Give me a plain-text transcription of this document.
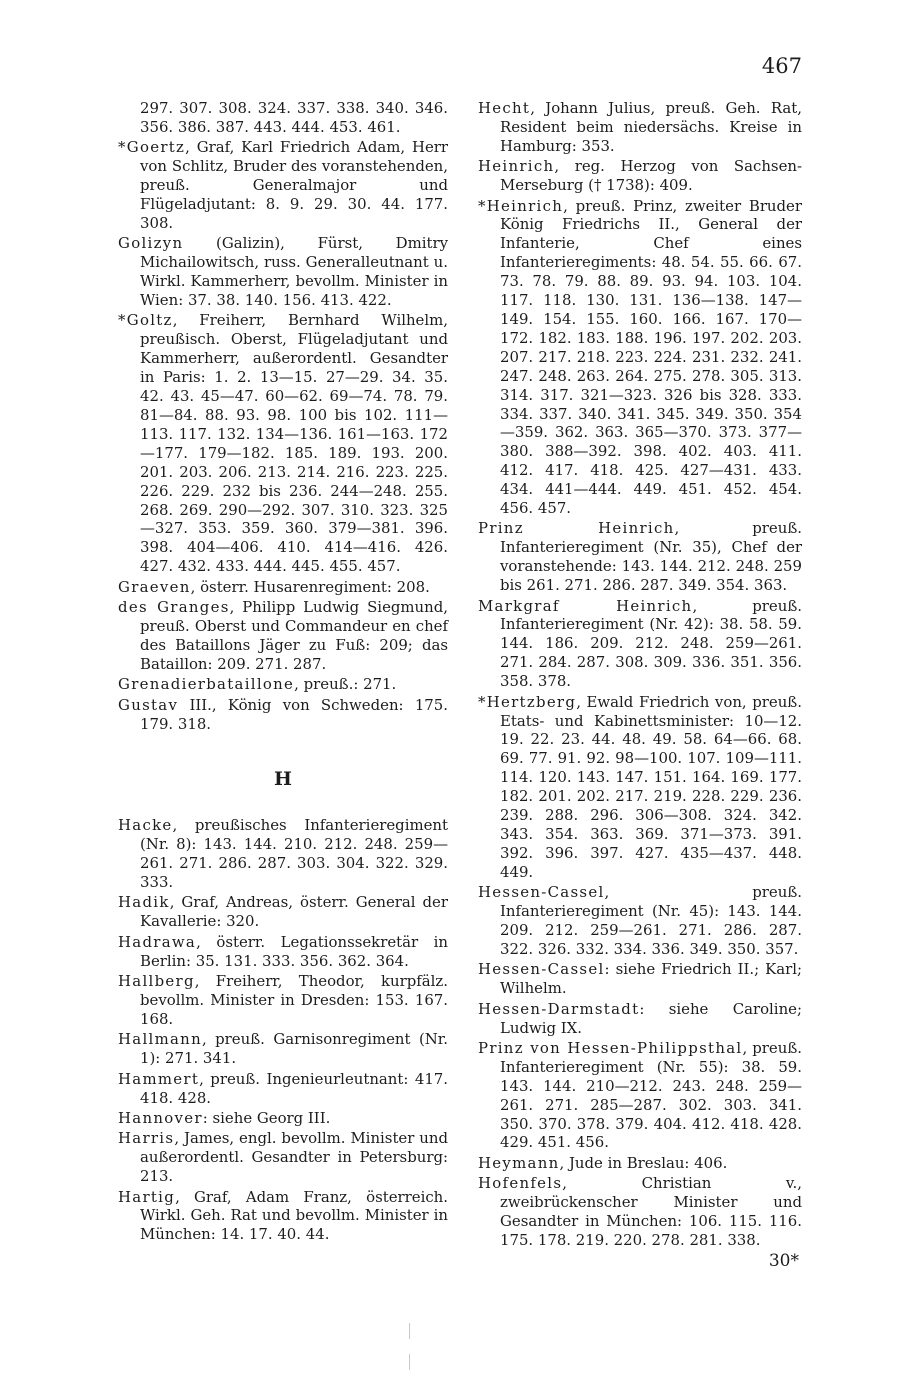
467
297. 307. 308. 324. 337. 338. 340. 346. 356. 386. 387. 443. 444. 453. 461.
*Goertz, Graf, Karl Friedrich Adam, Herr von Schlitz, Bruder des voranstehenden, preuß. Generalmajor und Flügeladjutant: 8. 9. 29. 30. 44. 177. 308.
Golizyn (Galizin), Fürst, Dmitry Michailowitsch, russ. Generalleutnant u. Wirkl. Kammerherr, bevollm. Minister in Wien: 37. 38. 140. 156. 413. 422.
*Goltz, Freiherr, Bernhard Wilhelm, preußisch. Oberst, Flügeladjutant und Kammerherr, außerordentl. Gesandter in Paris: 1. 2. 13—15. 27—29. 34. 35. 42. 43. 45—47. 60—62. 69—74. 78. 79. 81—84. 88. 93. 98. 100 bis 102. 111—113. 117. 132. 134—136. 161—163. 172—177. 179—182. 185. 189. 193. 200. 201. 203. 206. 213. 214. 216. 223. 225. 226. 229. 232 bis 236. 244—248. 255. 268. 269. 290—292. 307. 310. 323. 325—327. 353. 359. 360. 379—381. 396. 398. 404—406. 410. 414—416. 426. 427. 432. 433. 444. 445. 455. 457.
Graeven, österr. Husarenregiment: 208.
des Granges, Philipp Ludwig Siegmund, preuß. Oberst und Commandeur en chef des Bataillons Jäger zu Fuß: 209; das Bataillon: 209. 271. 287.
Grenadierbataillone, preuß.: 271.
Gustav III., König von Schweden: 175. 179. 318.
H
Hacke, preußisches Infanterieregiment (Nr. 8): 143. 144. 210. 212. 248. 259—261. 271. 286. 287. 303. 304. 322. 329. 333.
Hadik, Graf, Andreas, österr. General der Kavallerie: 320.
Hadrawa, österr. Legationssekretär in Berlin: 35. 131. 333. 356. 362. 364.
Hallberg, Freiherr, Theodor, kurpfälz. bevollm. Minister in Dresden: 153. 167. 168.
Hallmann, preuß. Garnisonregiment (Nr. 1): 271. 341.
Hammert, preuß. Ingenieurleutnant: 417. 418. 428.
Hannover: siehe Georg III.
Harris, James, engl. bevollm. Minister und außerordentl. Gesandter in Petersburg: 213.
Hartig, Graf, Adam Franz, österreich. Wirkl. Geh. Rat und bevollm. Minister in München: 14. 17. 40. 44.
Hecht, Johann Julius, preuß. Geh. Rat, Resident beim niedersächs. Kreise in Hamburg: 353.
Heinrich, reg. Herzog von Sachsen-Merseburg († 1738): 409.
*Heinrich, preuß. Prinz, zweiter Bruder König Friedrichs II., General der Infanterie, Chef eines Infanterieregiments: 48. 54. 55. 66. 67. 73. 78. 79. 88. 89. 93. 94. 103. 104. 117. 118. 130. 131. 136—138. 147—149. 154. 155. 160. 166. 167. 170—172. 182. 183. 188. 196. 197. 202. 203. 207. 217. 218. 223. 224. 231. 232. 241. 247. 248. 263. 264. 275. 278. 305. 313. 314. 317. 321—323. 326 bis 328. 333. 334. 337. 340. 341. 345. 349. 350. 354—359. 362. 363. 365—370. 373. 377—380. 388—392. 398. 402. 403. 411. 412. 417. 418. 425. 427—431. 433. 434. 441—444. 449. 451. 452. 454. 456. 457.
Prinz Heinrich, preuß. Infanterieregiment (Nr. 35), Chef der voranstehende: 143. 144. 212. 248. 259 bis 261. 271. 286. 287. 349. 354. 363.
Markgraf Heinrich, preuß. Infanterieregiment (Nr. 42): 38. 58. 59. 144. 186. 209. 212. 248. 259—261. 271. 284. 287. 308. 309. 336. 351. 356. 358. 378.
*Hertzberg, Ewald Friedrich von, preuß. Etats- und Kabinettsminister: 10—12. 19. 22. 23. 44. 48. 49. 58. 64—66. 68. 69. 77. 91. 92. 98—100. 107. 109—111. 114. 120. 143. 147. 151. 164. 169. 177. 182. 201. 202. 217. 219. 228. 229. 236. 239. 288. 296. 306—308. 324. 342. 343. 354. 363. 369. 371—373. 391. 392. 396. 397. 427. 435—437. 448. 449.
Hessen-Cassel, preuß. Infanterieregiment (Nr. 45): 143. 144. 209. 212. 259—261. 271. 286. 287. 322. 326. 332. 334. 336. 349. 350. 357.
Hessen-Cassel: siehe Friedrich II.; Karl; Wilhelm.
Hessen-Darmstadt: siehe Caroline; Ludwig IX.
Prinz von Hessen-Philippsthal, preuß. Infanterieregiment (Nr. 55): 38. 59. 143. 144. 210—212. 243. 248. 259—261. 271. 285—287. 302. 303. 341. 350. 370. 378. 379. 404. 412. 418. 428. 429. 451. 456.
Heymann, Jude in Breslau: 406.
Hofenfels, Christian v., zweibrückenscher Minister und Gesandter in München: 106. 115. 116. 175. 178. 219. 220. 278. 281. 338.
30*
